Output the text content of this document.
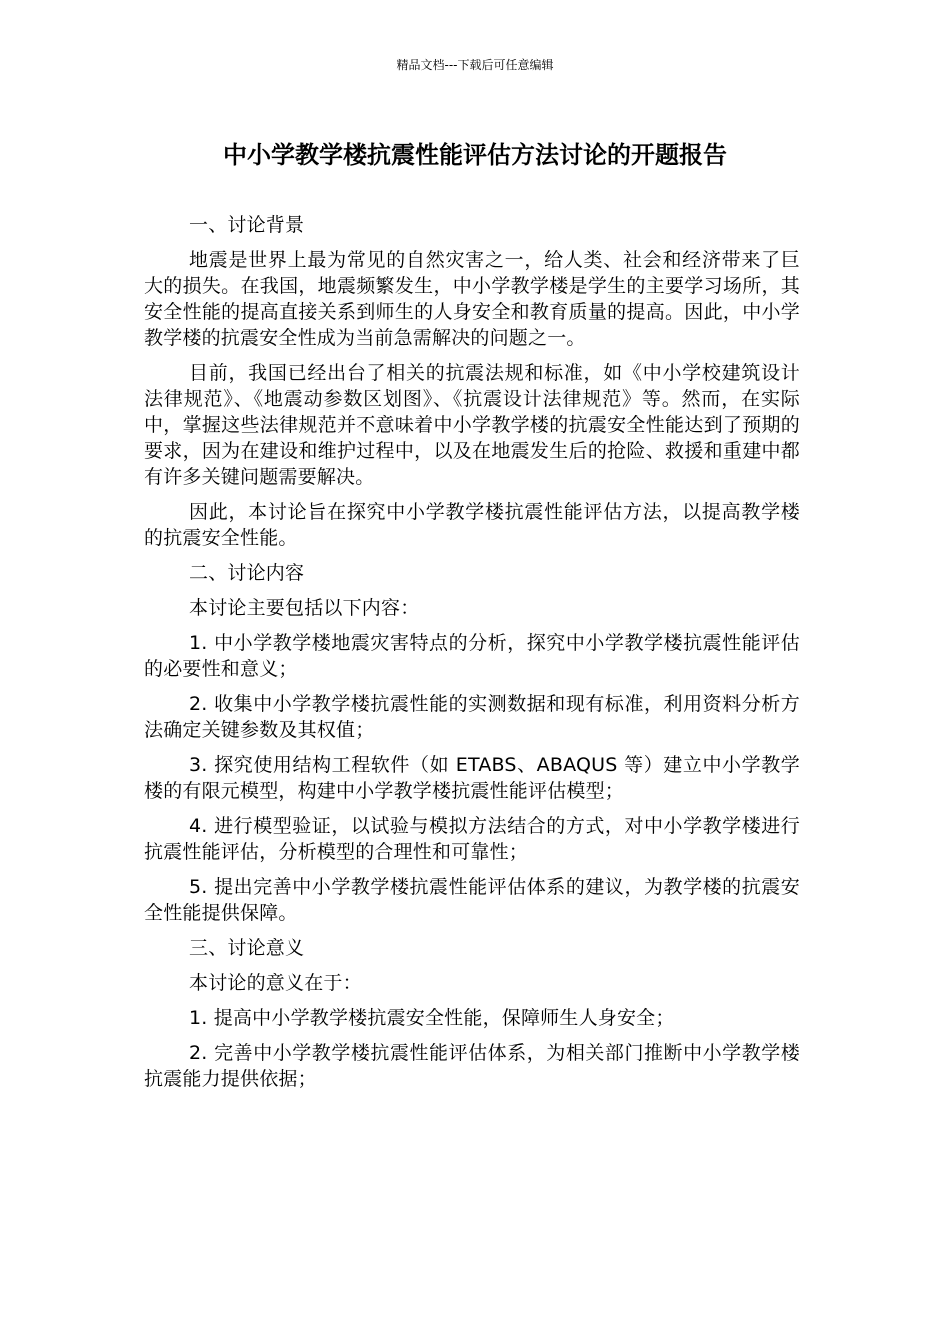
精品文档---下载后可任意编辑
中小学教学楼抗震性能评估方法讨论的开题报告

一、讨论背景

地震是世界上最为常见的自然灾害之一，给人类、社会和经济带来了巨大的损失。在我国，地震频繁发生，中小学教学楼是学生的主要学习场所，其安全性能的提高直接关系到师生的人身安全和教育质量的提高。因此，中小学教学楼的抗震安全性成为当前急需解决的问题之一。

目前，我国已经出台了相关的抗震法规和标准，如《中小学校建筑设计法律规范》、《地震动参数区划图》、《抗震设计法律规范》等。然而，在实际中，掌握这些法律规范并不意味着中小学教学楼的抗震安全性能达到了预期的要求，因为在建设和维护过程中，以及在地震发生后的抢险、救援和重建中都有许多关键问题需要解决。

因此，本讨论旨在探究中小学教学楼抗震性能评估方法，以提高教学楼的抗震安全性能。

二、讨论内容

本讨论主要包括以下内容：

1. 中小学教学楼地震灾害特点的分析，探究中小学教学楼抗震性能评估的必要性和意义；

2. 收集中小学教学楼抗震性能的实测数据和现有标准，利用资料分析方法确定关键参数及其权值；

3. 探究使用结构工程软件（如 ETABS、ABAQUS 等）建立中小学教学楼的有限元模型，构建中小学教学楼抗震性能评估模型；

4. 进行模型验证，以试验与模拟方法结合的方式，对中小学教学楼进行抗震性能评估，分析模型的合理性和可靠性；

5. 提出完善中小学教学楼抗震性能评估体系的建议，为教学楼的抗震安全性能提供保障。

三、讨论意义

本讨论的意义在于：

1. 提高中小学教学楼抗震安全性能，保障师生人身安全；

2. 完善中小学教学楼抗震性能评估体系，为相关部门推断中小学教学楼抗震能力提供依据；
